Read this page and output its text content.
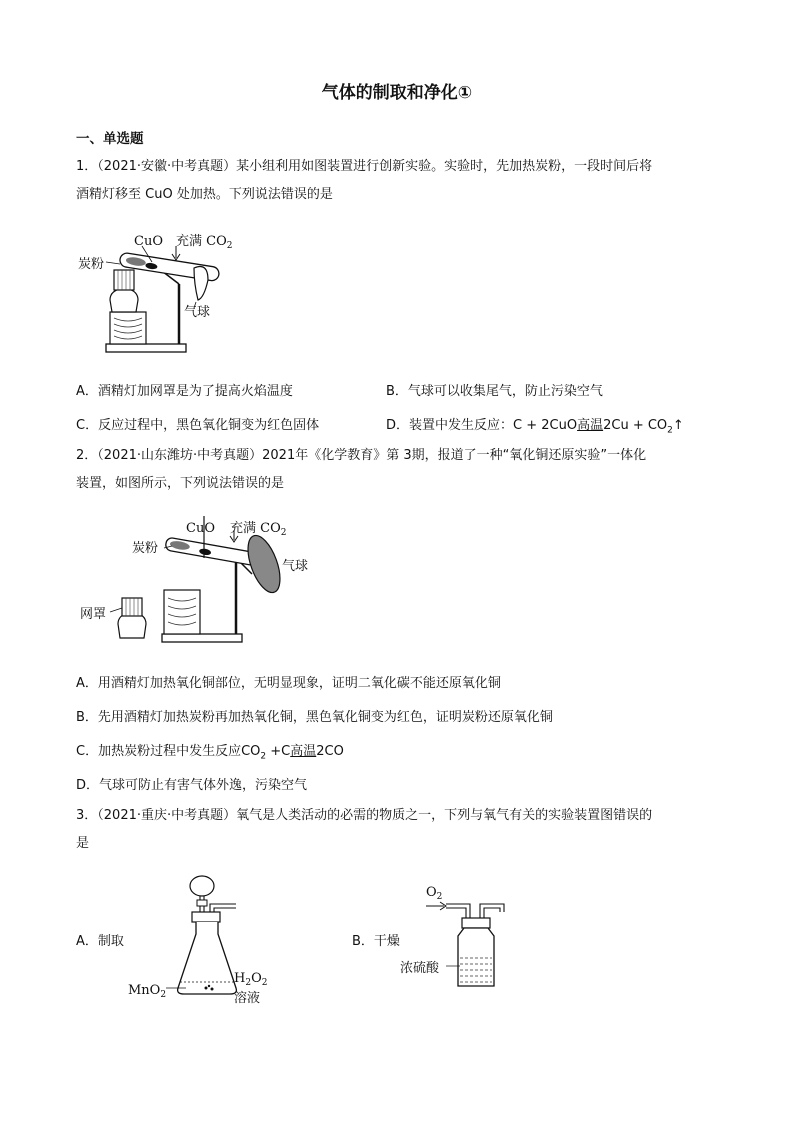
气体的制取和净化①
一、单选题
1．（2021·安徽·中考真题）某小组利用如图装置进行创新实验。实验时，先加热炭粉，一段时间后将
酒精灯移至 CuO 处加热。下列说法错误的是
CuO 充满 $CO_2$
炭粉
气球
A．酒精灯加网罩是为了提高火焰温度	B．气球可以收集尾气，防止污染空气
C．反应过程中，黑色氧化铜变为红色固体	D．装置中发生反应：C + 2CuO高温$2Cu + CO_2↑$
2．（2021·山东潍坊·中考真题）2021年《化学教育》第 3期，报道了一种“氧化铜还原实验”一体化
装置，如图所示，下列说法错误的是
CuO 充满 $CO_2$
炭粉
气球
网罩
A．用酒精灯加热氧化铜部位，无明显现象，证明二氧化碳不能还原氧化铜
B．先用酒精灯加热炭粉再加热氧化铜，黑色氧化铜变为红色，证明炭粉还原氧化铜
C．加热炭粉过程中发生反应$CO_2 +C$高温2CO
D．气球可防止有害气体外逸，污染空气
3．（2021·重庆·中考真题）氧气是人类活动的必需的物质之一，下列与氧气有关的实验装置图错误的
是
A．制取
MnO$_2$
$H_2O_2$
溶液
B．干燥
$O_2$
浓硫酸
